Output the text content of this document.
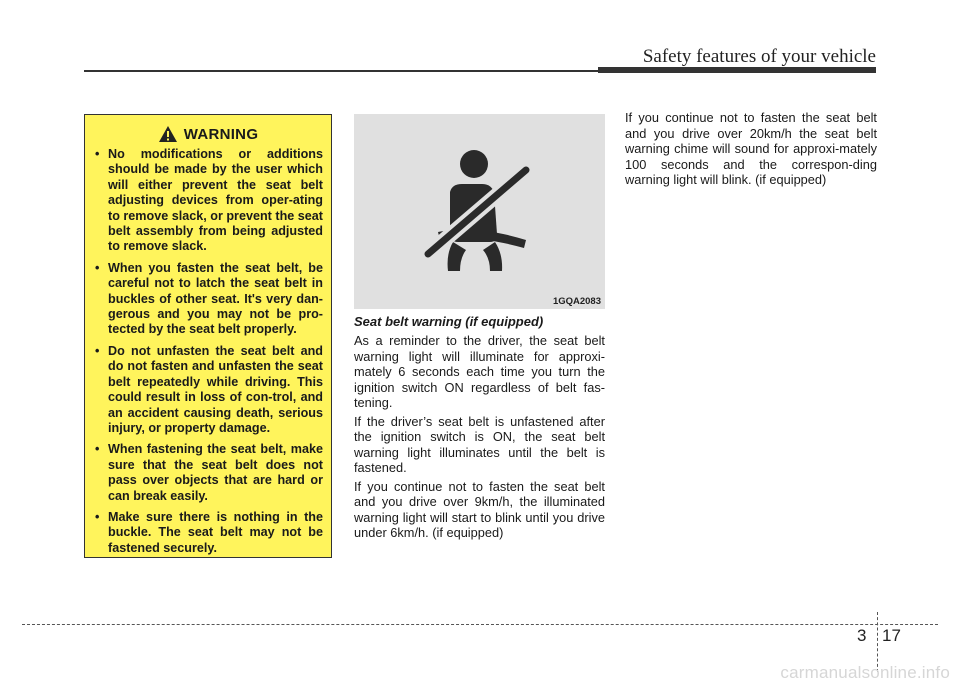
Safety features of your vehicle
WARNING
• No modifications or additions should be made by the user which will either prevent the seat belt adjusting devices from oper-ating to remove slack, or prevent the seat belt assembly from being adjusted to remove slack.
• When you fasten the seat belt, be careful not to latch the seat belt in buckles of other seat. It's very dan-gerous and you may not be pro-tected by the seat belt properly.
• Do not unfasten the seat belt and do not fasten and unfasten the seat belt repeatedly while driving. This could result in loss of con-trol, and an accident causing death, serious injury, or property damage.
• When fastening the seat belt, make sure that the seat belt does not pass over objects that are hard or can break easily.
• Make sure there is nothing in the buckle. The seat belt may not be fastened securely.
1GQA2083

Seat belt warning (if equipped)

As a reminder to the driver, the seat belt warning light will illuminate for approxi-mately 6 seconds each time you turn the ignition switch ON regardless of belt fas-tening.

If the driver’s seat belt is unfastened after the ignition switch is ON, the seat belt warning light illuminates until the belt is fastened.

If you continue not to fasten the seat belt and you drive over 9km/h, the illuminated warning light will start to blink until you drive under 6km/h. (if equipped)

If you continue not to fasten the seat belt and you drive over 20km/h the seat belt warning chime will sound for approxi-mately 100 seconds and the correspon-ding warning light will blink. (if equipped)

3 17
carmanualsonline.info
